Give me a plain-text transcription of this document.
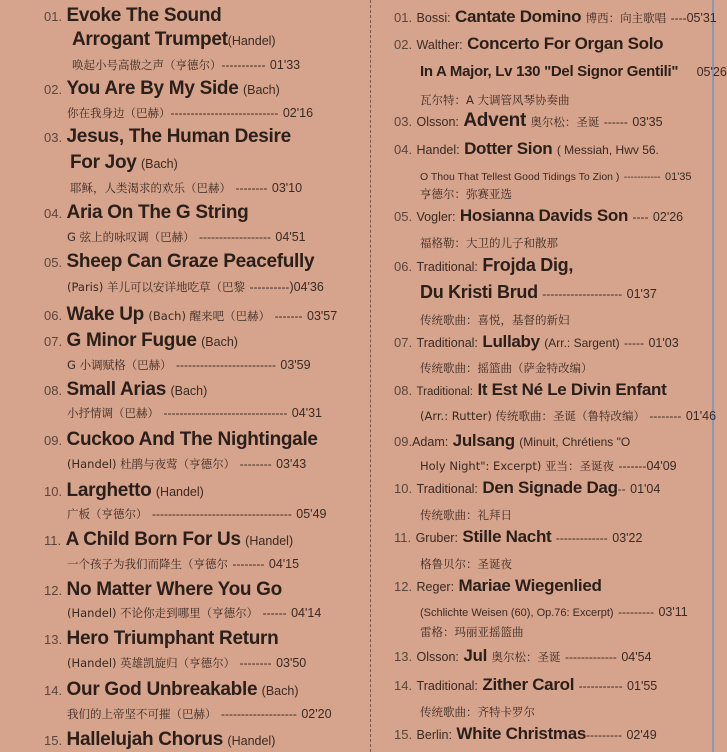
01. Evoke The Sound
Arrogant Trumpet(Handel)
唤起小号高傲之声（亨德尔）----------- 01'33
02. You Are By My Side (Bach)
你在我身边（巴赫）--------------------------- 02'16
03. Jesus, The Human Desire
For Joy (Bach)
耶稣，人类渴求的欢乐（巴赫） -------- 03'10
04. Aria On The G String
G 弦上的咏叹调（巴赫） ------------------ 04'51
05. Sheep Can Graze Peacefully
(Paris) 羊儿可以安详地吃草（巴黎 ----------)04'36
06. Wake Up (Bach) 醒来吧（巴赫） ------- 03'57
07. G Minor Fugue (Bach)
G 小调赋格（巴赫） ------------------------- 03'59
08. Small Arias (Bach)
小抒情调（巴赫） ------------------------------- 04'31
09. Cuckoo And The Nightingale
(Handel) 杜鹃与夜莺（亨德尔） -------- 03'43
10. Larghetto (Handel)
广板（亨德尔） ----------------------------------- 05'49
11. A Child Born For Us (Handel)
一个孩子为我们而降生（亨德尔 -------- 04'15
12. No Matter Where You Go
(Handel) 不论你走到哪里（亨德尔） ------ 04'14
13. Hero Triumphant Return
(Handel) 英雄凯旋归（亨德尔） -------- 03'50
14. Our God Unbreakable (Bach)
我们的上帝坚不可摧（巴赫） ------------------- 02'20
15. Hallelujah Chorus (Handel)
01. Bossi: Cantate Domino 博西：向主歌唱 ----05'31
02. Walther: Concerto For Organ Solo
In A Major, Lv 130 "Del Signor Gentili" 05'26
瓦尔特：A 大调管风琴协奏曲
03. Olsson: Advent 奥尔松：圣诞 ------ 03'35
04. Handel: Dotter Sion ( Messiah, Hwv 56.
O Thou That Tellest Good Tidings To Zion ) ----------- 01'35
亨德尔：弥赛亚选
05. Vogler: Hosianna Davids Son ---- 02'26
福格勒：大卫的儿子和散那
06. Traditional: Frojda Dig,
Du Kristi Brud -------------------- 01'37
传统歌曲：喜悦，基督的新妇
07. Traditional: Lullaby (Arr.: Sargent) ----- 01'03
传统歌曲：摇篮曲（萨金特改编）
08. Traditional: It Est Né Le Divin Enfant
(Arr.: Rutter) 传统歌曲：圣诞（鲁特改编） -------- 01'46
09.Adam: Julsang (Minuit, Chrétiens "O
Holy Night": Excerpt) 亚当：圣诞夜 -------04'09
10. Traditional: Den Signade Dag-- 01'04
传统歌曲：礼拜日
11. Gruber: Stille Nacht ------------- 03'22
格鲁贝尔：圣诞夜
12. Reger: Mariae Wiegenlied
(Schlichte Weisen (60), Op.76: Excerpt) --------- 03'11
雷格：玛丽亚摇篮曲
13. Olsson: Jul 奥尔松：圣诞 ------------- 04'54
14. Traditional: Zither Carol ----------- 01'55
传统歌曲：齐特卡罗尔
15. Berlin: White Christmas--------- 02'49
